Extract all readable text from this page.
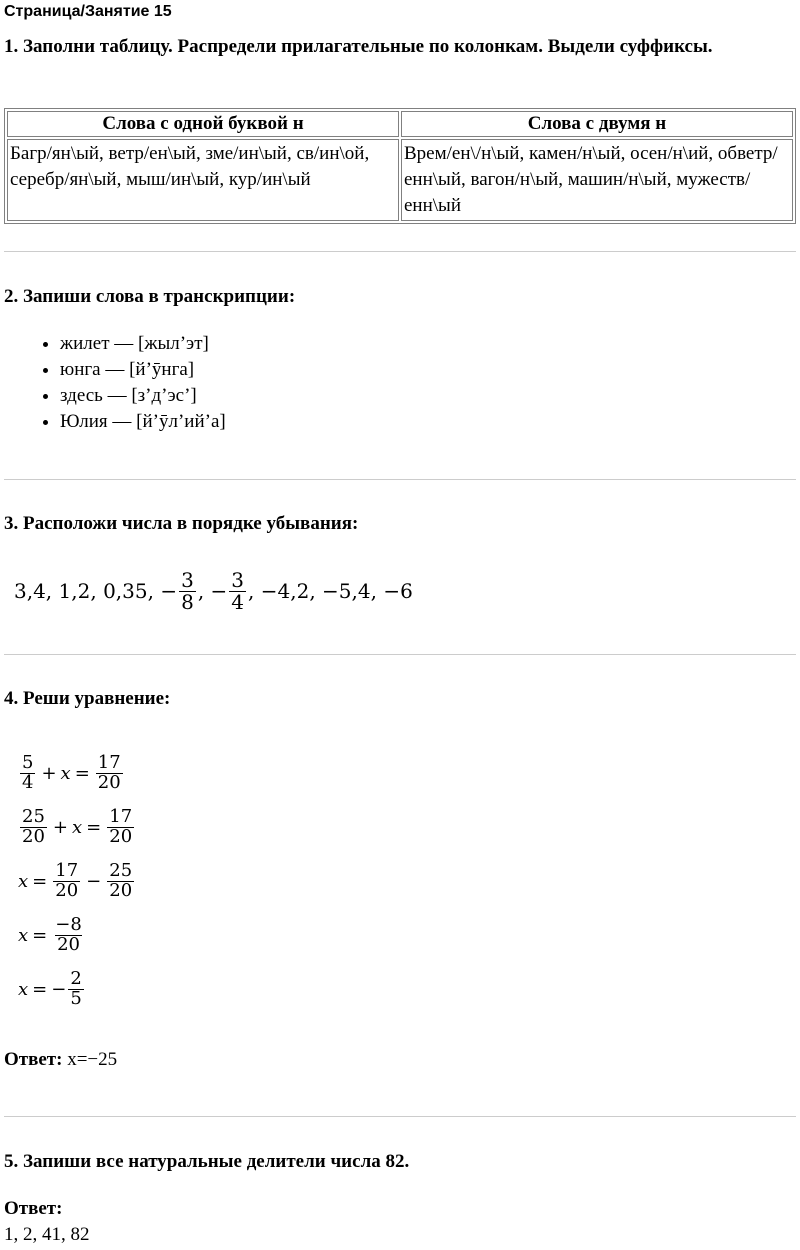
Страница/Занятие 15
1. Заполни таблицу. Распредели прилагательные по колонкам. Выдели суффиксы.
Слова с одной буквой н	Слова с двумя н
Багр/ян\ый, ветр/ен\ый, зме/ин\ый, св/ин\ой, серебр/ян\ый, мыш/ин\ый, кур/ин\ый	Врем/ен\/н\ый, камен/н\ый, осен/н\ий, обветр/енн\ый, вагон/н\ый, машин/н\ый, мужеств/енн\ый
2. Запиши слова в транскрипции:
• жилет — [жыл’эт]
• юнга — [й’ӯнга]
• здесь — [з’д’эс’]
• Юлия — [й’ӯл’ий’а]
3. Расположи числа в порядке убывания:
3,4,
1,2,
0,35,
− $\frac{3}{8}$ ,
− $\frac{3}{4}$ ,
−4,2,
−5,4,
−6
4. Реши уравнение:
$\frac{5}{4} + x = \frac{17}{20}$
$\frac{25}{20} + x = \frac{17}{20}$
$x = \frac{17}{20} - \frac{25}{20}$
$x = \frac{-8}{20}$
x = − $\frac{2}{5}$
Ответ: x=−25
5. Запиши все натуральные делители числа 82.
Ответ:
1, 2, 41, 82
